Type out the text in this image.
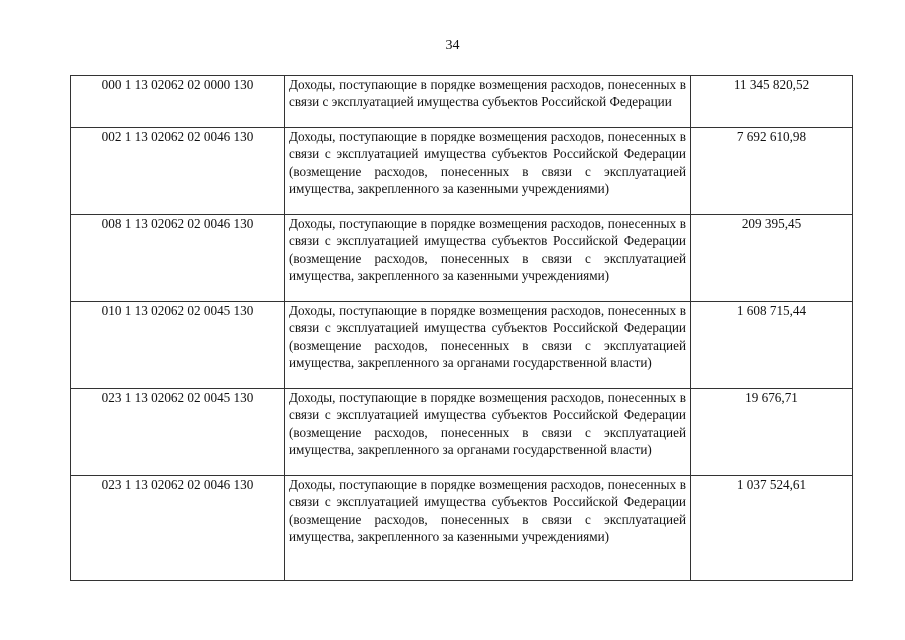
34
000 1 13 02062 02 0000 130	Доходы, поступающие в порядке возмещения расходов, понесенных в связи с эксплуатацией имущества субъектов Российской Федерации	11 345 820,52
002 1 13 02062 02 0046 130	Доходы, поступающие в порядке возмещения расходов, понесенных в связи с эксплуатацией имущества субъектов Российской Федерации (возмещение расходов, понесенных в связи с эксплуатацией имущества, закрепленного за казенными учреждениями)	7 692 610,98
008 1 13 02062 02 0046 130	Доходы, поступающие в порядке возмещения расходов, понесенных в связи с эксплуатацией имущества субъектов Российской Федерации (возмещение расходов, понесенных в связи с эксплуатацией имущества, закрепленного за казенными учреждениями)	209 395,45
010 1 13 02062 02 0045 130	Доходы, поступающие в порядке возмещения расходов, понесенных в связи с эксплуатацией имущества субъектов Российской Федерации (возмещение расходов, понесенных в связи с эксплуатацией имущества, закрепленного за органами государственной власти)	1 608 715,44
023 1 13 02062 02 0045 130	Доходы, поступающие в порядке возмещения расходов, понесенных в связи с эксплуатацией имущества субъектов Российской Федерации (возмещение расходов, понесенных в связи с эксплуатацией имущества, закрепленного за органами государственной власти)	19 676,71
023 1 13 02062 02 0046 130	Доходы, поступающие в порядке возмещения расходов, понесенных в связи с эксплуатацией имущества субъектов Российской Федерации (возмещение расходов, понесенных в связи с эксплуатацией имущества, закрепленного за казенными учреждениями)	1 037 524,61
